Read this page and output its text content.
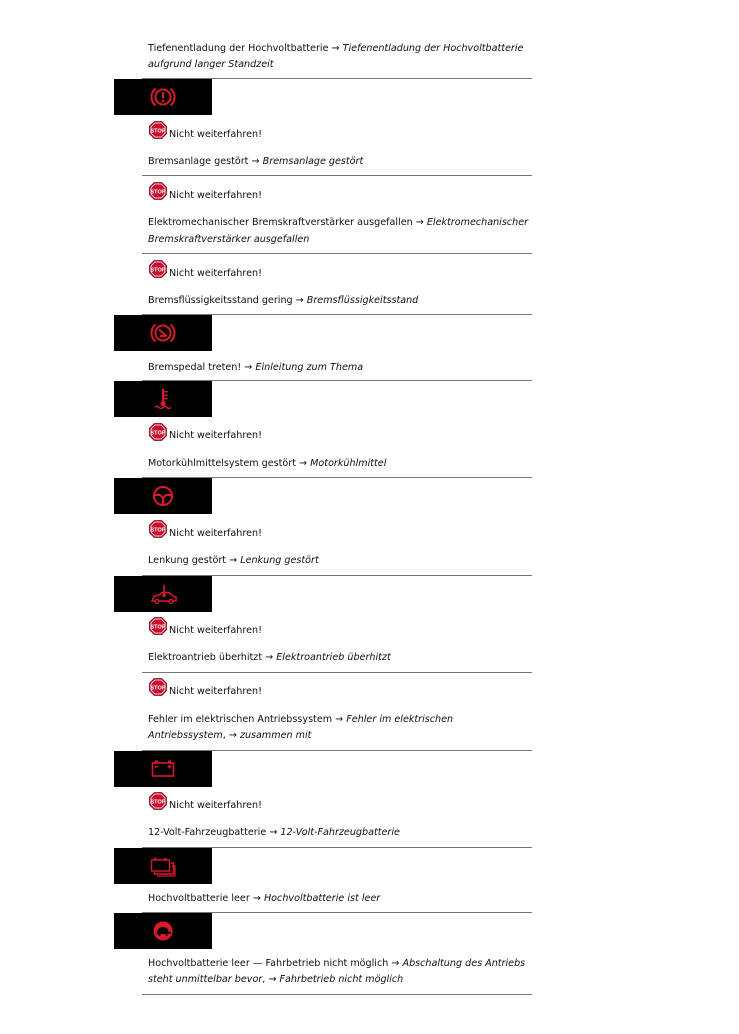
Tiefenentladung der Hochvoltbatterie → Tiefenentladung der Hochvoltbatterie
aufgrund langer Standzeit
STOP Nicht weiterfahren!
Bremsanlage gestört → Bremsanlage gestört
STOP Nicht weiterfahren!
Elektromechanischer Bremskraftverstärker ausgefallen → Elektromechanischer
Bremskraftverstärker ausgefallen
STOP Nicht weiterfahren!
Bremsflüssigkeitsstand gering → Bremsflüssigkeitsstand
Bremspedal treten! → Einleitung zum Thema
STOP Nicht weiterfahren!
Motorkühlmittelsystem gestört → Motorkühlmittel
STOP Nicht weiterfahren!
Lenkung gestört → Lenkung gestört
STOP Nicht weiterfahren!
Elektroantrieb überhitzt → Elektroantrieb überhitzt
STOP Nicht weiterfahren!
Fehler im elektrischen Antriebssystem → Fehler im elektrischen
Antriebssystem, → zusammen mit
STOP Nicht weiterfahren!
12-Volt-Fahrzeugbatterie → 12-Volt-Fahrzeugbatterie
Hochvoltbatterie leer → Hochvoltbatterie ist leer
Hochvoltbatterie leer — Fahrbetrieb nicht möglich → Abschaltung des Antriebs
steht unmittelbar bevor, → Fahrbetrieb nicht möglich
